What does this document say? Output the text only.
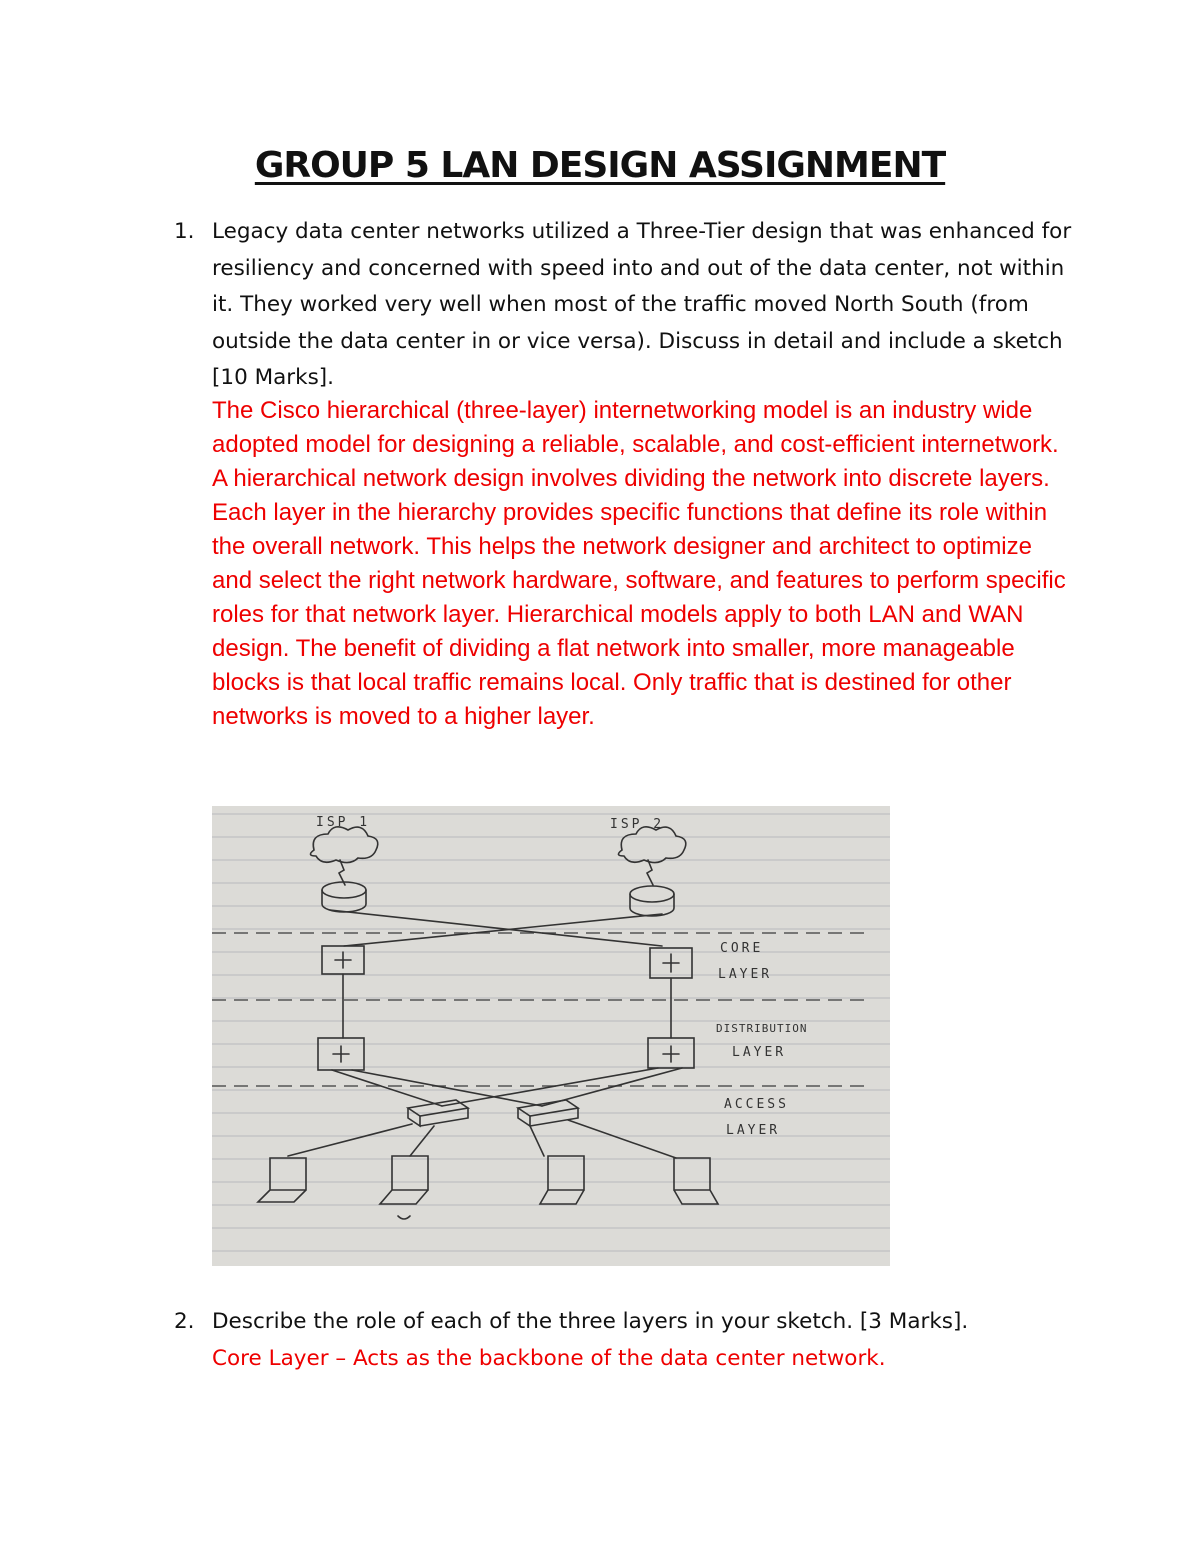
GROUP 5 LAN DESIGN ASSIGNMENT
1. Legacy data center networks utilized a Three-Tier design that was enhanced for resiliency and concerned with speed into and out of the data center, not within it. They worked very well when most of the traffic moved North South (from outside the data center in or vice versa). Discuss in detail and include a sketch [10 Marks].
The Cisco hierarchical (three-layer) internetworking model is an industry wide adopted model for designing a reliable, scalable, and cost-efficient internetwork. A hierarchical network design involves dividing the network into discrete layers. Each layer in the hierarchy provides specific functions that define its role within the overall network. This helps the network designer and architect to optimize and select the right network hardware, software, and features to perform specific roles for that network layer. Hierarchical models apply to both LAN and WAN design. The benefit of dividing a flat network into smaller, more manageable blocks is that local traffic remains local. Only traffic that is destined for other networks is moved to a higher layer.
ISP 1	ISP 2
CORE
LAYER
DISTRIBUTION
LAYER
ACCESS
LAYER
2. Describe the role of each of the three layers in your sketch. [3 Marks].
Core Layer – Acts as the backbone of the data center network.
